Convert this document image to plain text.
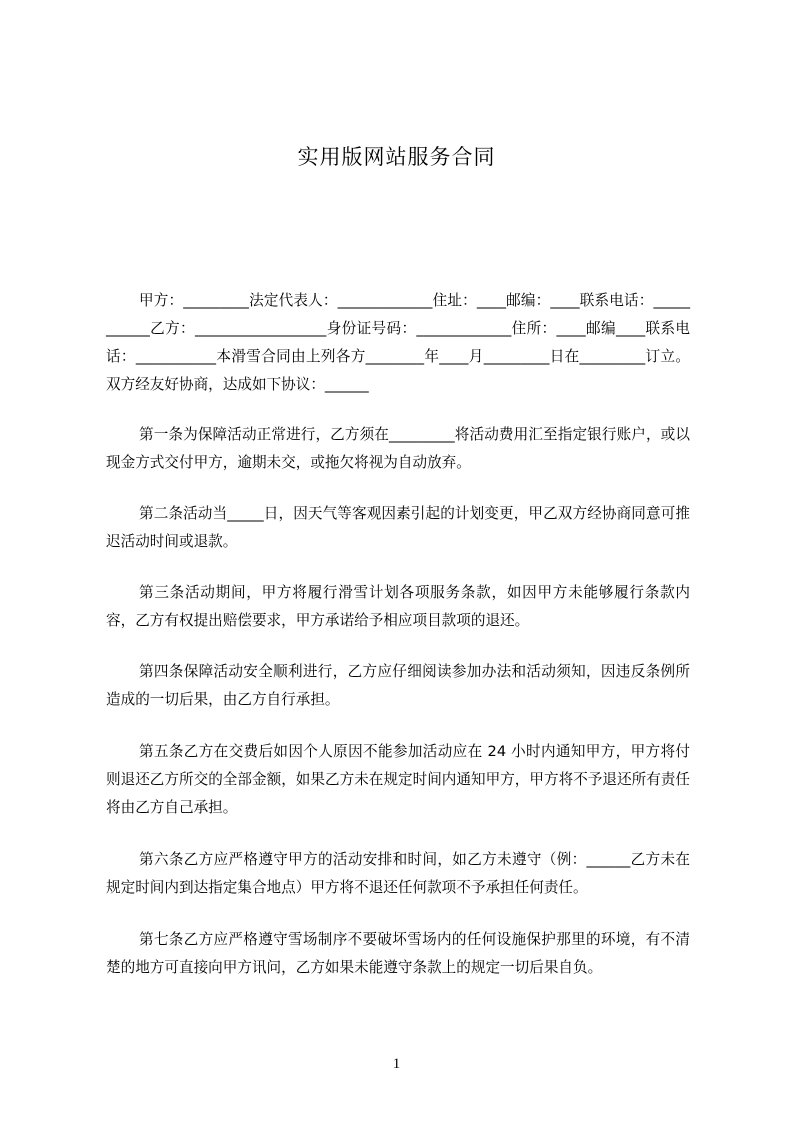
实用版网站服务合同

甲方：_________法定代表人：_____________住址：____邮编：____联系电话：___________乙方：__________________身份证号码：_____________住所：____邮编____联系电话：___________本滑雪合同由上列各方________年____月_________日在_________订立。双方经友好协商，达成如下协议：______

第一条为保障活动正常进行，乙方须在_________将活动费用汇至指定银行账户，或以现金方式交付甲方，逾期未交，或拖欠将视为自动放弃。

第二条活动当_____日，因天气等客观因素引起的计划变更，甲乙双方经协商同意可推迟活动时间或退款。

第三条活动期间，甲方将履行滑雪计划各项服务条款，如因甲方未能够履行条款内容，乙方有权提出赔偿要求，甲方承诺给予相应项目款项的退还。

第四条保障活动安全顺利进行，乙方应仔细阅读参加办法和活动须知，因违反条例所造成的一切后果，由乙方自行承担。

第五条乙方在交费后如因个人原因不能参加活动应在 24 小时内通知甲方，甲方将付则退还乙方所交的全部金额，如果乙方未在规定时间内通知甲方，甲方将不予退还所有责任将由乙方自己承担。

第六条乙方应严格遵守甲方的活动安排和时间，如乙方未遵守（例：______乙方未在规定时间内到达指定集合地点）甲方将不退还任何款项不予承担任何责任。

第七条乙方应严格遵守雪场制序不要破坏雪场内的任何设施保护那里的环境，有不清楚的地方可直接向甲方讯问，乙方如果未能遵守条款上的规定一切后果自负。

1
